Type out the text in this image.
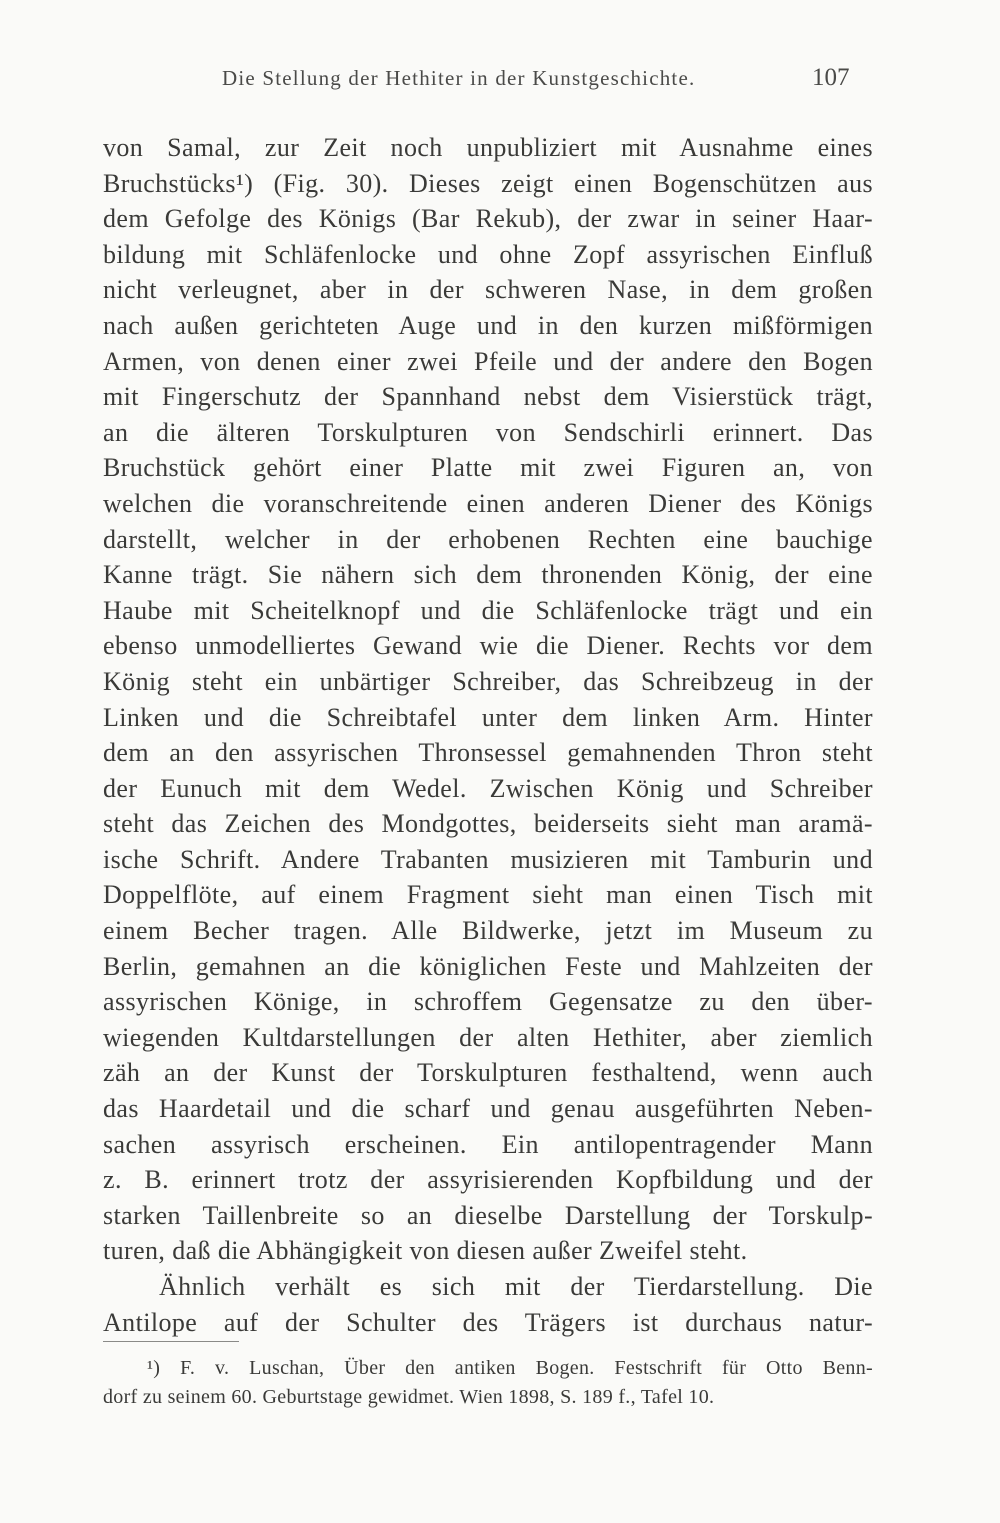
Die Stellung der Hethiter in der Kunstgeschichte.	107
von Samal, zur Zeit noch unpubliziert mit Ausnahme eines
Bruchstücks¹) (Fig. 30). Dieses zeigt einen Bogenschützen aus
dem Gefolge des Königs (Bar Rekub), der zwar in seiner Haar-
bildung mit Schläfenlocke und ohne Zopf assyrischen Einfluß
nicht verleugnet, aber in der schweren Nase, in dem großen
nach außen gerichteten Auge und in den kurzen mißförmigen
Armen, von denen einer zwei Pfeile und der andere den Bogen
mit Fingerschutz der Spannhand nebst dem Visierstück trägt,
an die älteren Torskulpturen von Sendschirli erinnert. Das
Bruchstück gehört einer Platte mit zwei Figuren an, von
welchen die voranschreitende einen anderen Diener des Königs
darstellt, welcher in der erhobenen Rechten eine bauchige
Kanne trägt. Sie nähern sich dem thronenden König, der eine
Haube mit Scheitelknopf und die Schläfenlocke trägt und ein
ebenso unmodelliertes Gewand wie die Diener. Rechts vor dem
König steht ein unbärtiger Schreiber, das Schreibzeug in der
Linken und die Schreibtafel unter dem linken Arm. Hinter
dem an den assyrischen Thronsessel gemahnenden Thron steht
der Eunuch mit dem Wedel. Zwischen König und Schreiber
steht das Zeichen des Mondgottes, beiderseits sieht man aramä-
ische Schrift. Andere Trabanten musizieren mit Tamburin und
Doppelflöte, auf einem Fragment sieht man einen Tisch mit
einem Becher tragen. Alle Bildwerke, jetzt im Museum zu
Berlin, gemahnen an die königlichen Feste und Mahlzeiten der
assyrischen Könige, in schroffem Gegensatze zu den über-
wiegenden Kultdarstellungen der alten Hethiter, aber ziemlich
zäh an der Kunst der Torskulpturen festhaltend, wenn auch
das Haardetail und die scharf und genau ausgeführten Neben-
sachen assyrisch erscheinen. Ein antilopentragender Mann
z. B. erinnert trotz der assyrisierenden Kopfbildung und der
starken Taillenbreite so an dieselbe Darstellung der Torskulp-
turen, daß die Abhängigkeit von diesen außer Zweifel steht.
Ähnlich verhält es sich mit der Tierdarstellung. Die
Antilope auf der Schulter des Trägers ist durchaus natur-
¹) F. v. Luschan, Über den antiken Bogen. Festschrift für Otto Benn-
dorf zu seinem 60. Geburtstage gewidmet. Wien 1898, S. 189 f., Tafel 10.
